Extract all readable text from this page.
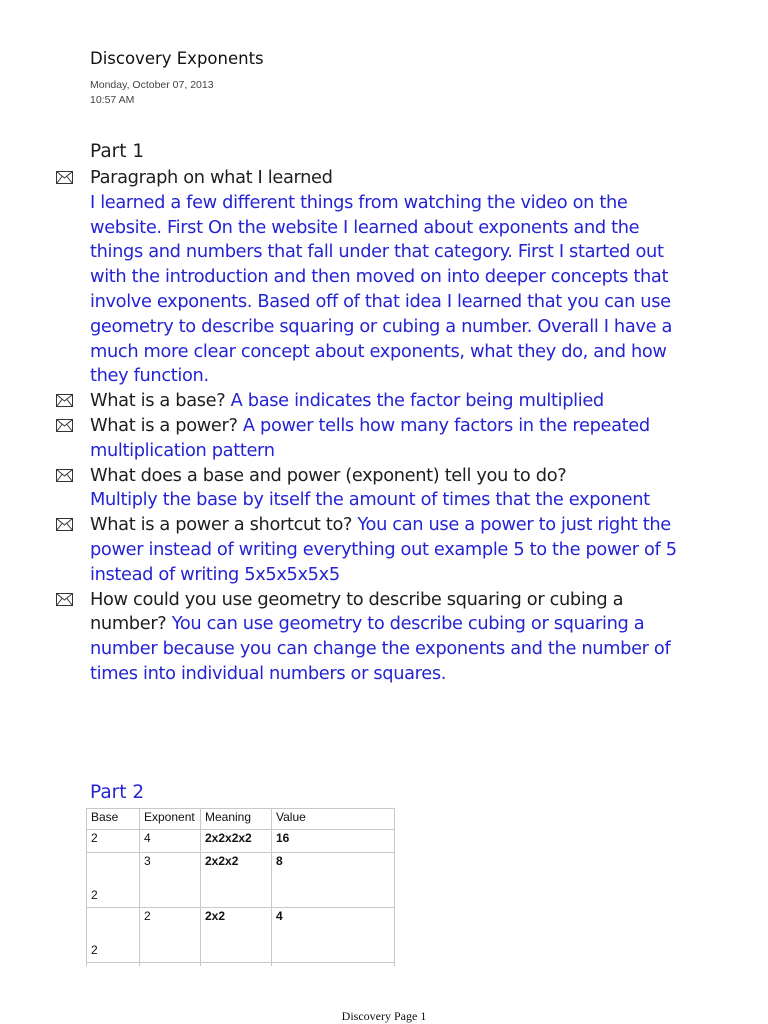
Discovery Exponents
Monday, October 07, 2013
10:57 AM
Part 1
Paragraph on what I learned
I learned a few different things from watching the video on the website. First On the website I learned about exponents and the things and numbers that fall under that category. First I started out with the introduction and then moved on into deeper concepts that involve exponents. Based off of that idea I learned that you can use geometry to describe squaring or cubing a number. Overall I have a much more clear concept about exponents, what they do, and how they function.
What is a base? A base indicates the factor being multiplied
What is a power? A power tells how many factors in the repeated multiplication pattern
What does a base and power (exponent) tell you to do?
Multiply the base by itself the amount of times that the exponent
What is a power a shortcut to? You can use a power to just right the power instead of writing everything out example 5 to the power of 5 instead of writing 5x5x5x5x5
How could you use geometry to describe squaring or cubing a number? You can use geometry to describe cubing or squaring a number because you can change the exponents and the number of times into individual numbers or squares.
Part 2
Base	Exponent	Meaning	Value
2	4	2x2x2x2	16

2	3	2x2x2	8

2	2	2x2	4

Discovery Page 1
